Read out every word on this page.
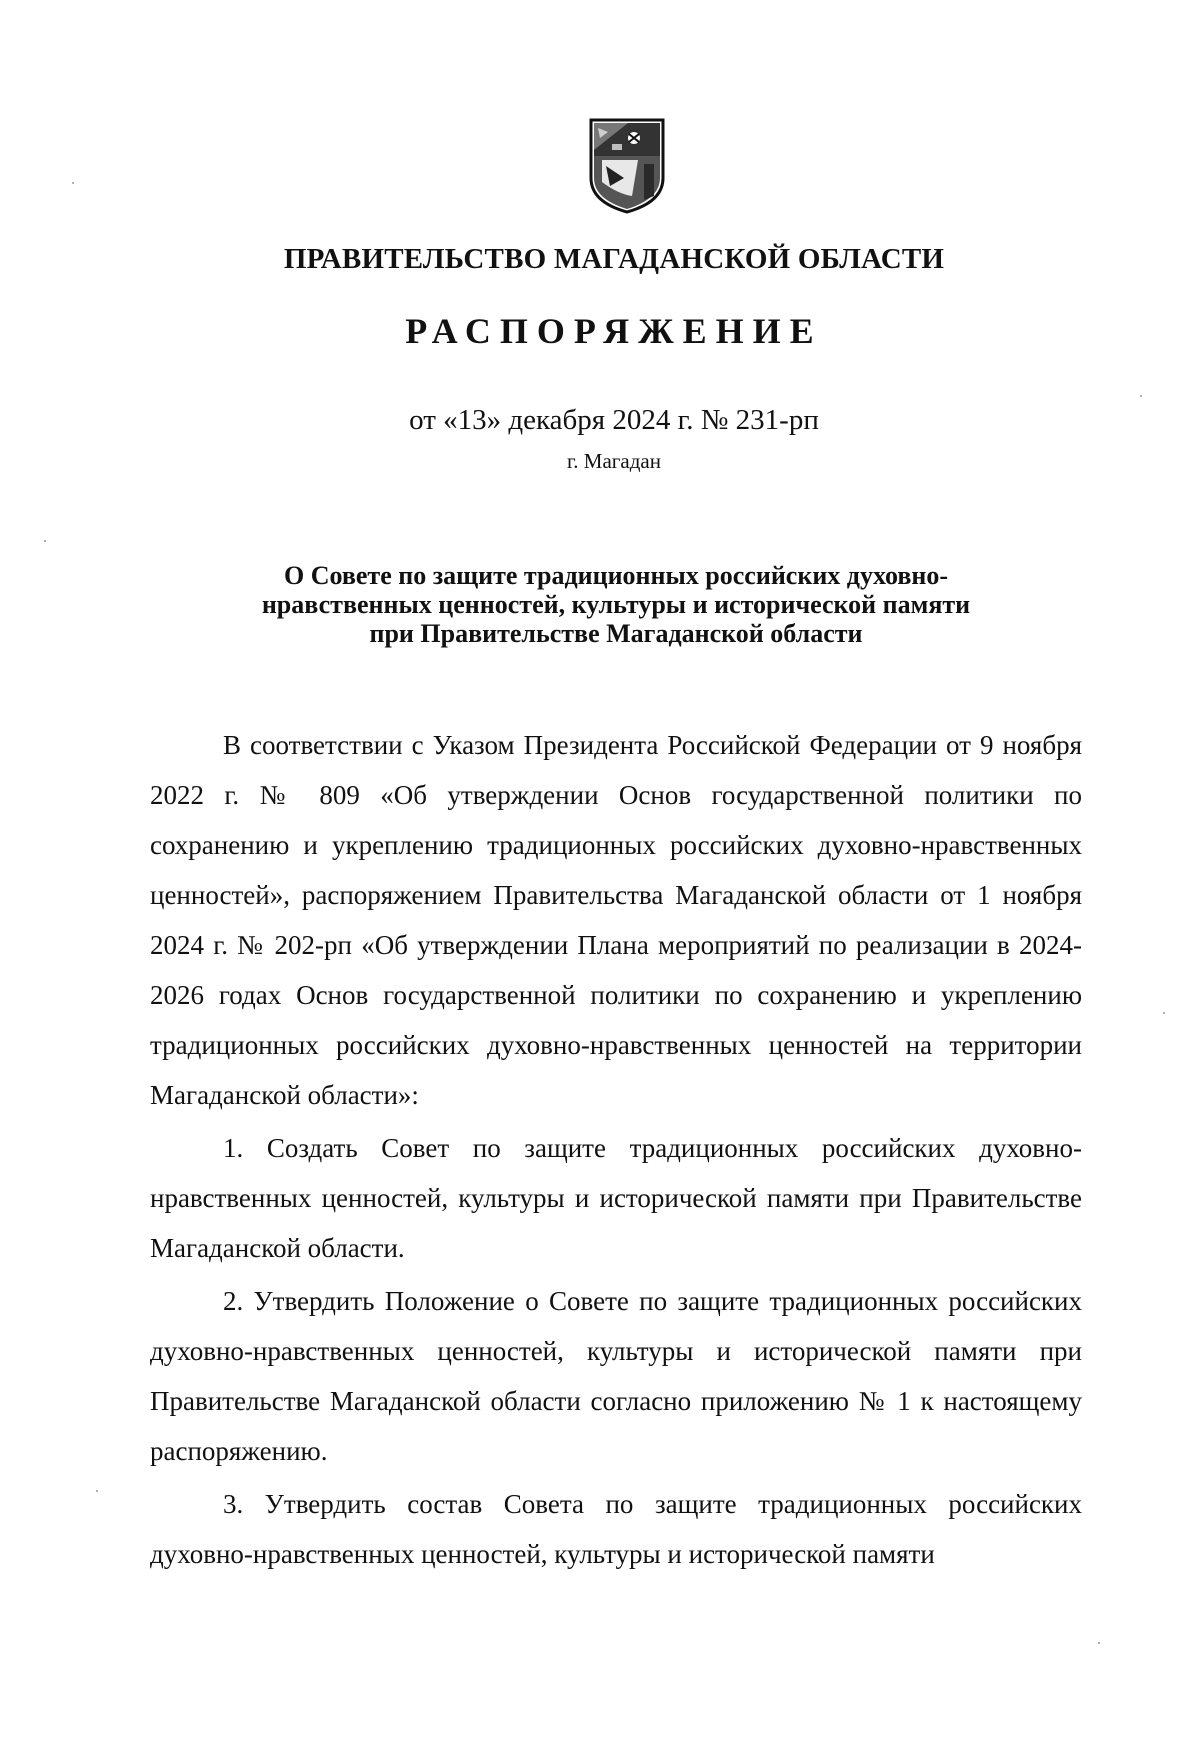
ПРАВИТЕЛЬСТВО МАГАДАНСКОЙ ОБЛАСТИ
РАСПОРЯЖЕНИЕ
от «13» декабря 2024 г. № 231-рп
г. Магадан
О Совете по защите традиционных российских духовно-
нравственных ценностей, культуры и исторической памяти
при Правительстве Магаданской области

В соответствии с Указом Президента Российской Федерации от 9 ноября 2022 г. № 809 «Об утверждении Основ государственной политики по сохранению и укреплению традиционных российских духовно-нравственных ценностей», распоряжением Правительства Магаданской области от 1 ноября 2024 г. № 202-рп «Об утверждении Плана мероприятий по реализации в 2024-2026 годах Основ государственной политики по сохранению и укреплению традиционных российских духовно-нравственных ценностей на территории Магаданской области»:

1. Создать Совет по защите традиционных российских духовно-нравственных ценностей, культуры и исторической памяти при Правительстве Магаданской области.

2. Утвердить Положение о Совете по защите традиционных российских духовно-нравственных ценностей, культуры и исторической памяти при Правительстве Магаданской области согласно приложению № 1 к настоящему распоряжению.

3. Утвердить состав Совета по защите традиционных российских духовно-нравственных ценностей, культуры и исторической памяти
